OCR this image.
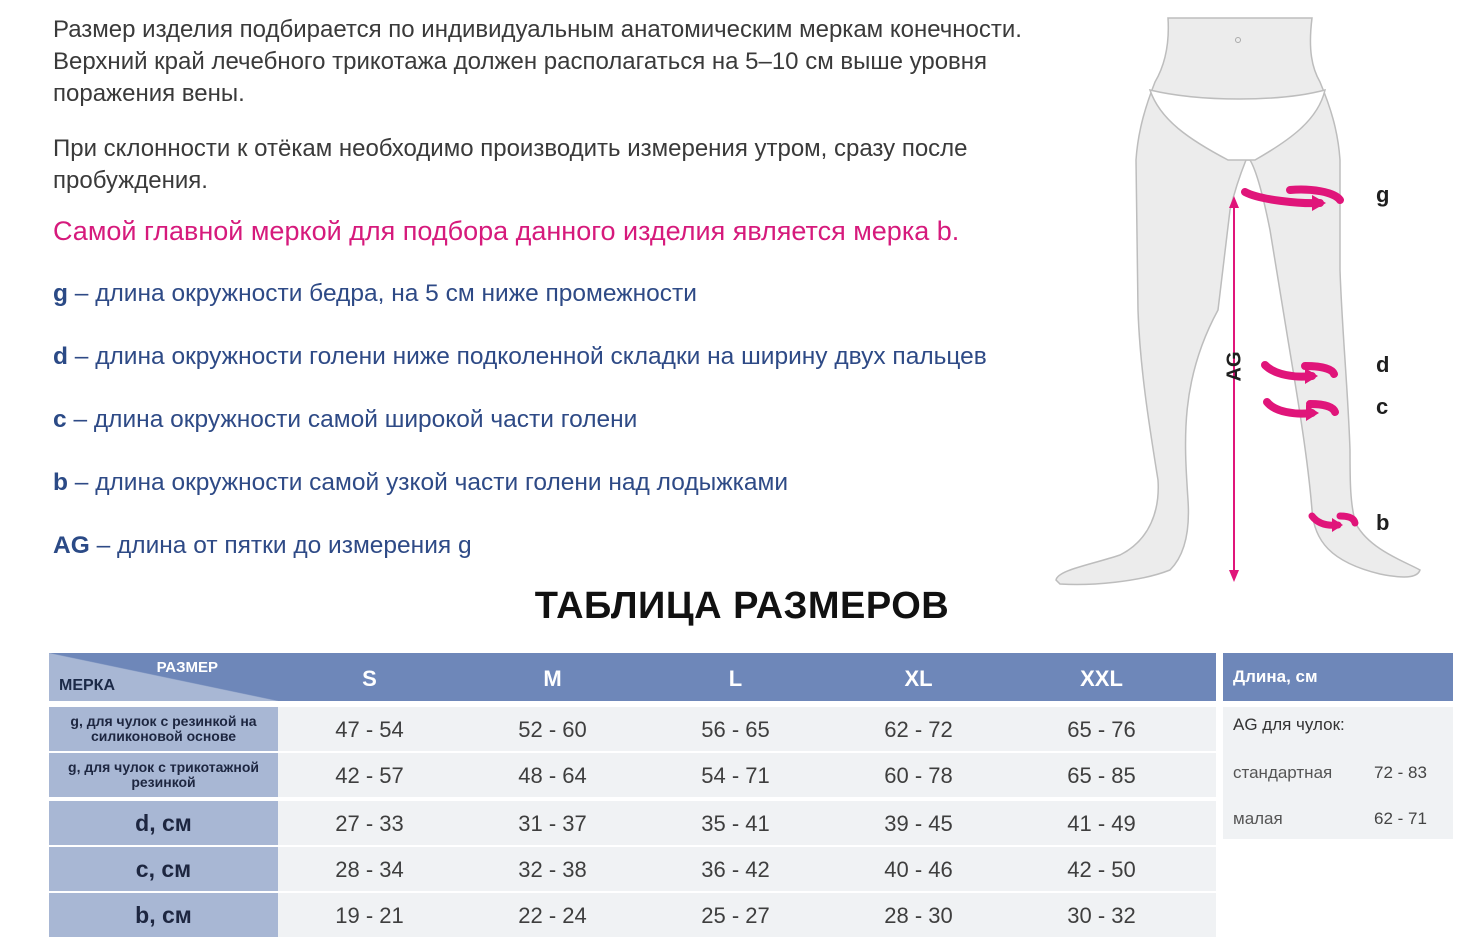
Размер изделия подбирается по индивидуальным анатомическим меркам конечности. Верхний край лечебного трикотажа должен располагаться на 5–10 см выше уровня поражения вены.

При склонности к отёкам необходимо производить измерения утром, сразу после пробуждения.

Самой главной меркой для подбора данного изделия является мерка b.

g – длина окружности бедра, на 5 см ниже промежности

d – длина окружности голени ниже подколенной складки на ширину двух пальцев

c – длина окружности самой широкой части голени

b – длина окружности самой узкой части голени над лодыжками

AG – длина от пятки до измерения g

g
d
c
b
AG
ТАБЛИЦА РАЗМЕРОВ
РАЗМЕР
МЕРКА	S	M	L	XL	XXL
g, для чулок с резинкой на силиконовой основе	47 - 54	52 - 60	56 - 65	62 - 72	65 - 76
g, для чулок с трикотажной резинкой	42 - 57	48 - 64	54 - 71	60 - 78	65 - 85
d, см	27 - 33	31 - 37	35 - 41	39 - 45	41 - 49
c, см	28 - 34	32 - 38	36 - 42	40 - 46	42 - 50
b, см	19 - 21	22 - 24	25 - 27	28 - 30	30 - 32
Длина, см
AG для чулок:
стандартная 72 - 83
малая	62 - 71
